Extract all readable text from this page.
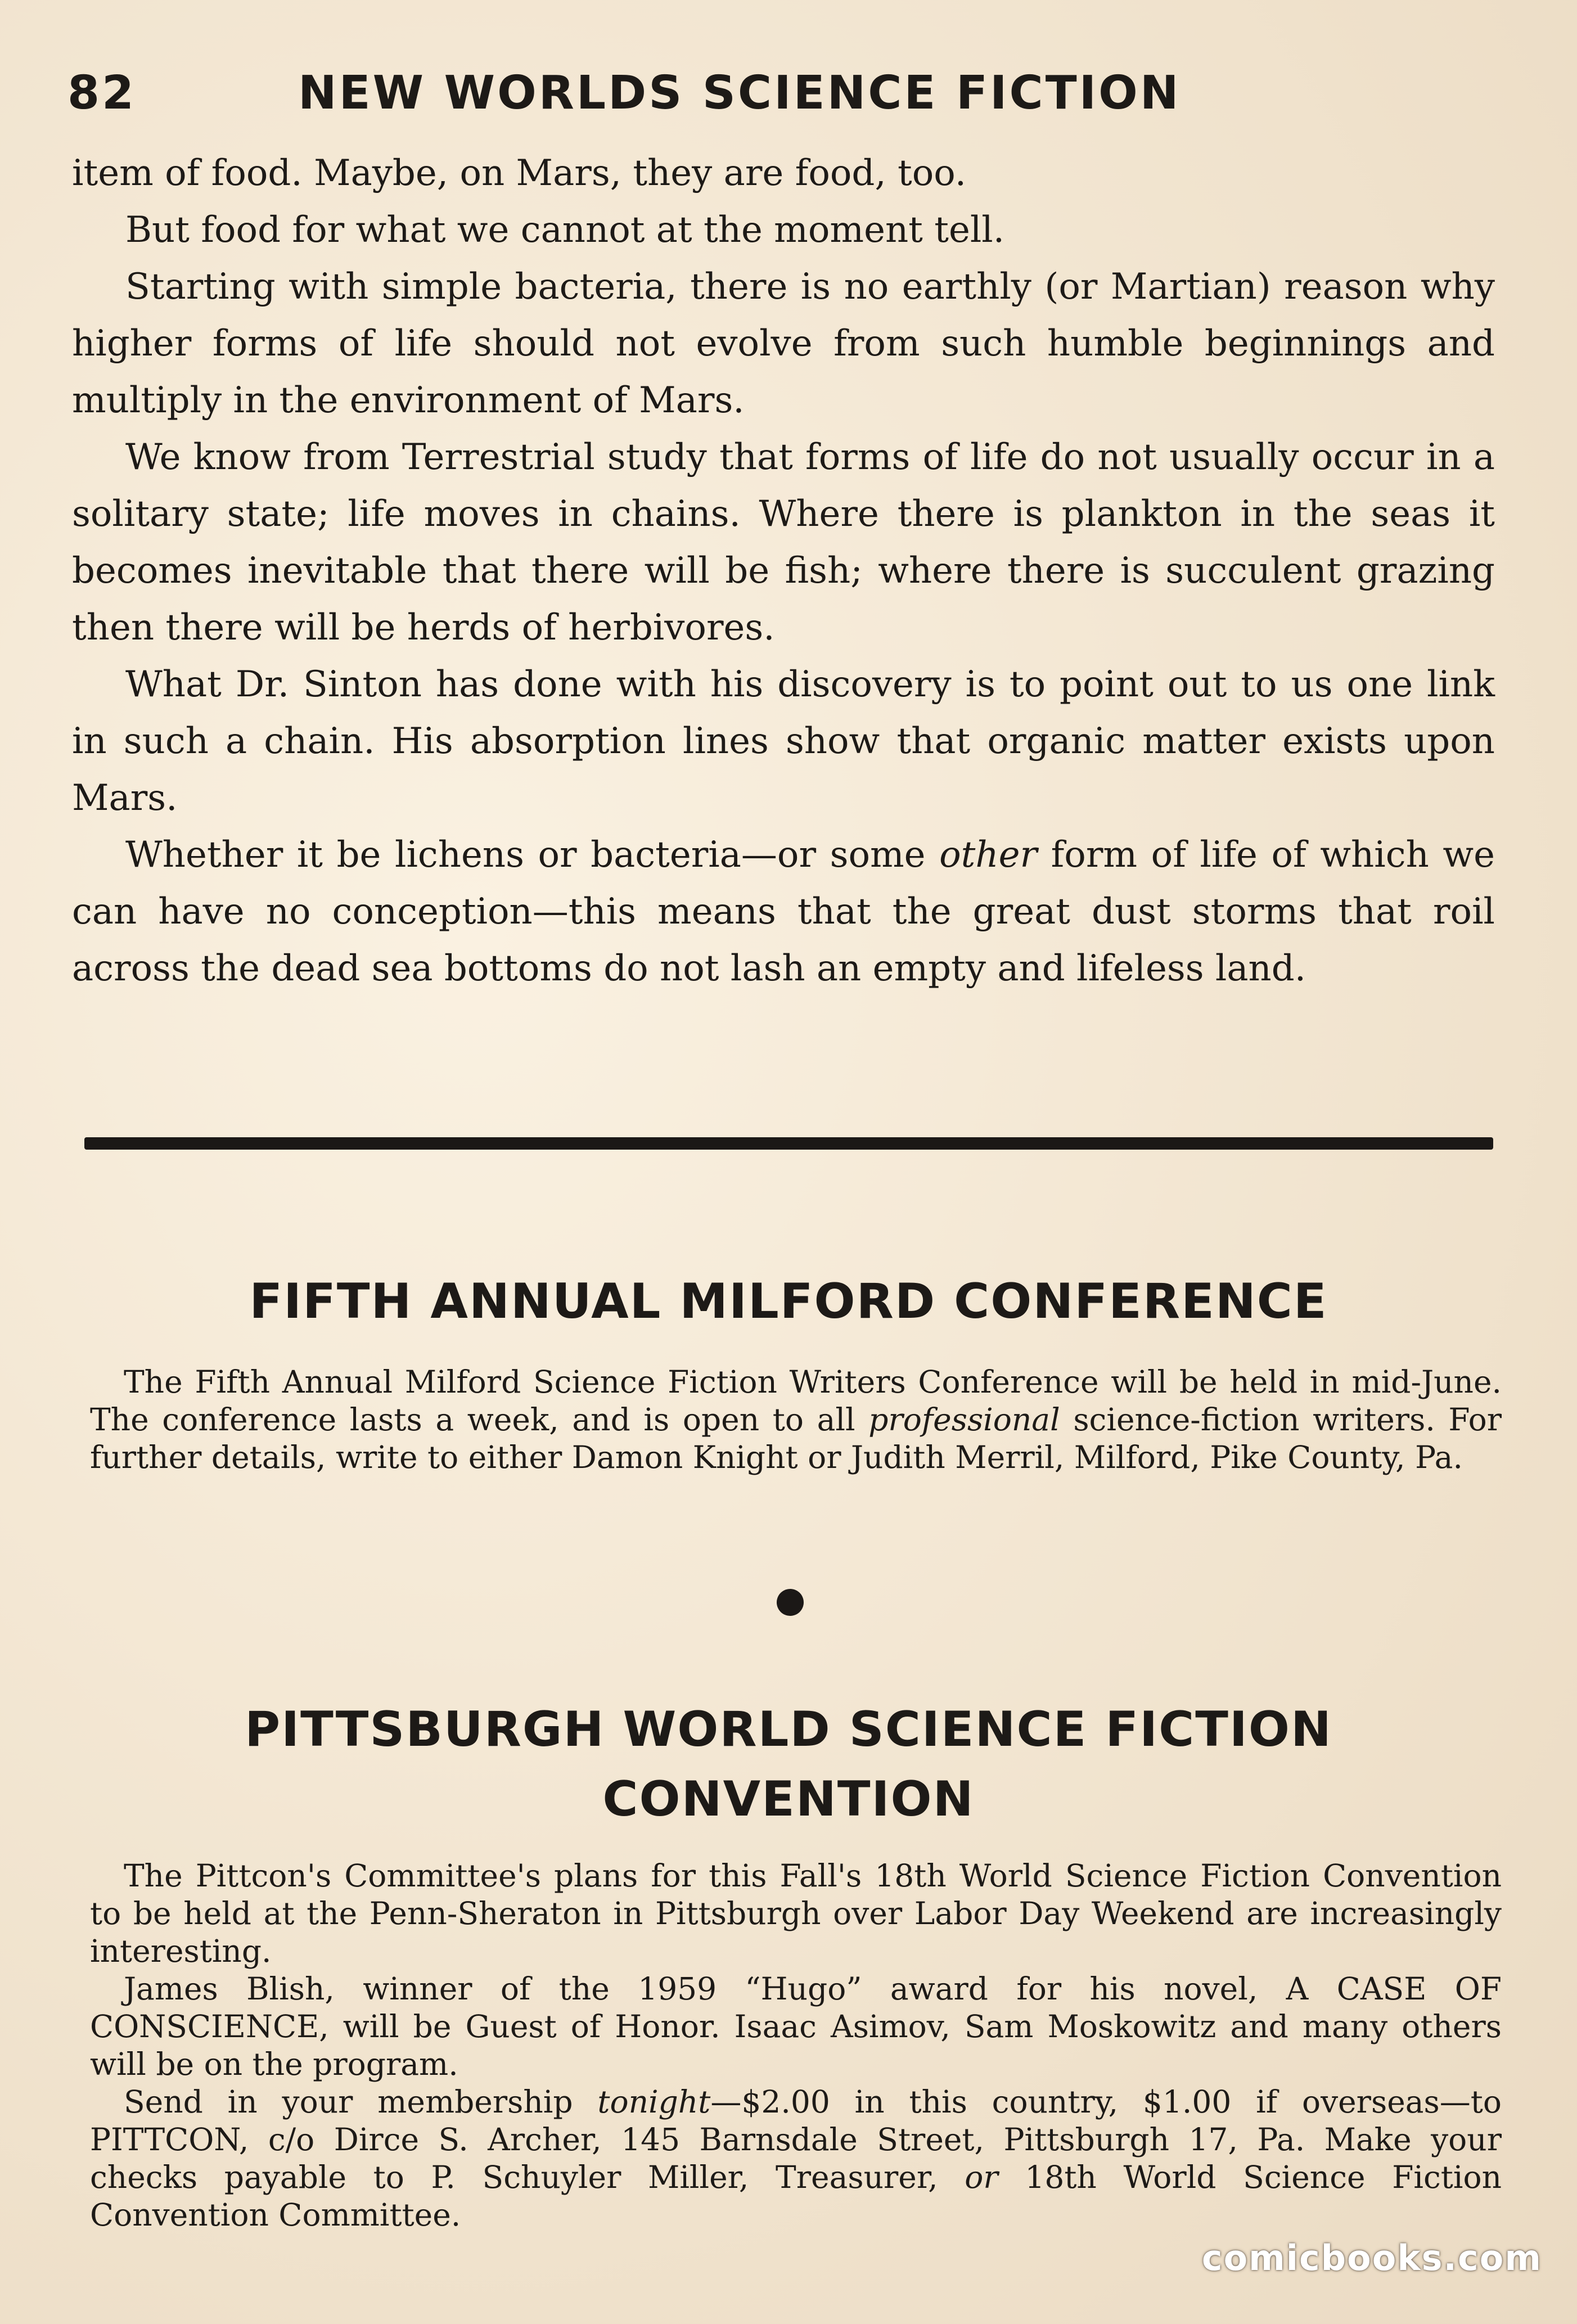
82	NEW WORLDS SCIENCE FICTION

item of food. Maybe, on Mars, they are food, too.

But food for what we cannot at the moment tell.

Starting with simple bacteria, there is no earthly (or Martian) reason why higher forms of life should not evolve from such humble beginnings and multiply in the environment of Mars.

We know from Terrestrial study that forms of life do not usually occur in a solitary state; life moves in chains. Where there is plankton in the seas it becomes inevitable that there will be fish; where there is succulent grazing then there will be herds of herbivores.

What Dr. Sinton has done with his discovery is to point out to us one link in such a chain. His absorption lines show that organic matter exists upon Mars.

Whether it be lichens or bacteria—or some other form of life of which we can have no conception—this means that the great dust storms that roil across the dead sea bottoms do not lash an empty and lifeless land.

FIFTH ANNUAL MILFORD CONFERENCE

The Fifth Annual Milford Science Fiction Writers Conference will be held in mid-June. The conference lasts a week, and is open to all professional science-fiction writers. For further details, write to either Damon Knight or Judith Merril, Milford, Pike County, Pa.

PITTSBURGH WORLD SCIENCE FICTION
CONVENTION

The Pittcon's Committee's plans for this Fall's 18th World Science Fiction Convention to be held at the Penn-Sheraton in Pittsburgh over Labor Day Weekend are increasingly interesting.

James Blish, winner of the 1959 “Hugo” award for his novel, A CASE OF CONSCIENCE, will be Guest of Honor. Isaac Asimov, Sam Moskowitz and many others will be on the program.

Send in your membership tonight—$2.00 in this country, $1.00 if overseas—to PITTCON, c/o Dirce S. Archer, 145 Barnsdale Street, Pittsburgh 17, Pa. Make your checks payable to P. Schuyler Miller, Treasurer, or 18th World Science Fiction Convention Committee.

comicbooks.com
